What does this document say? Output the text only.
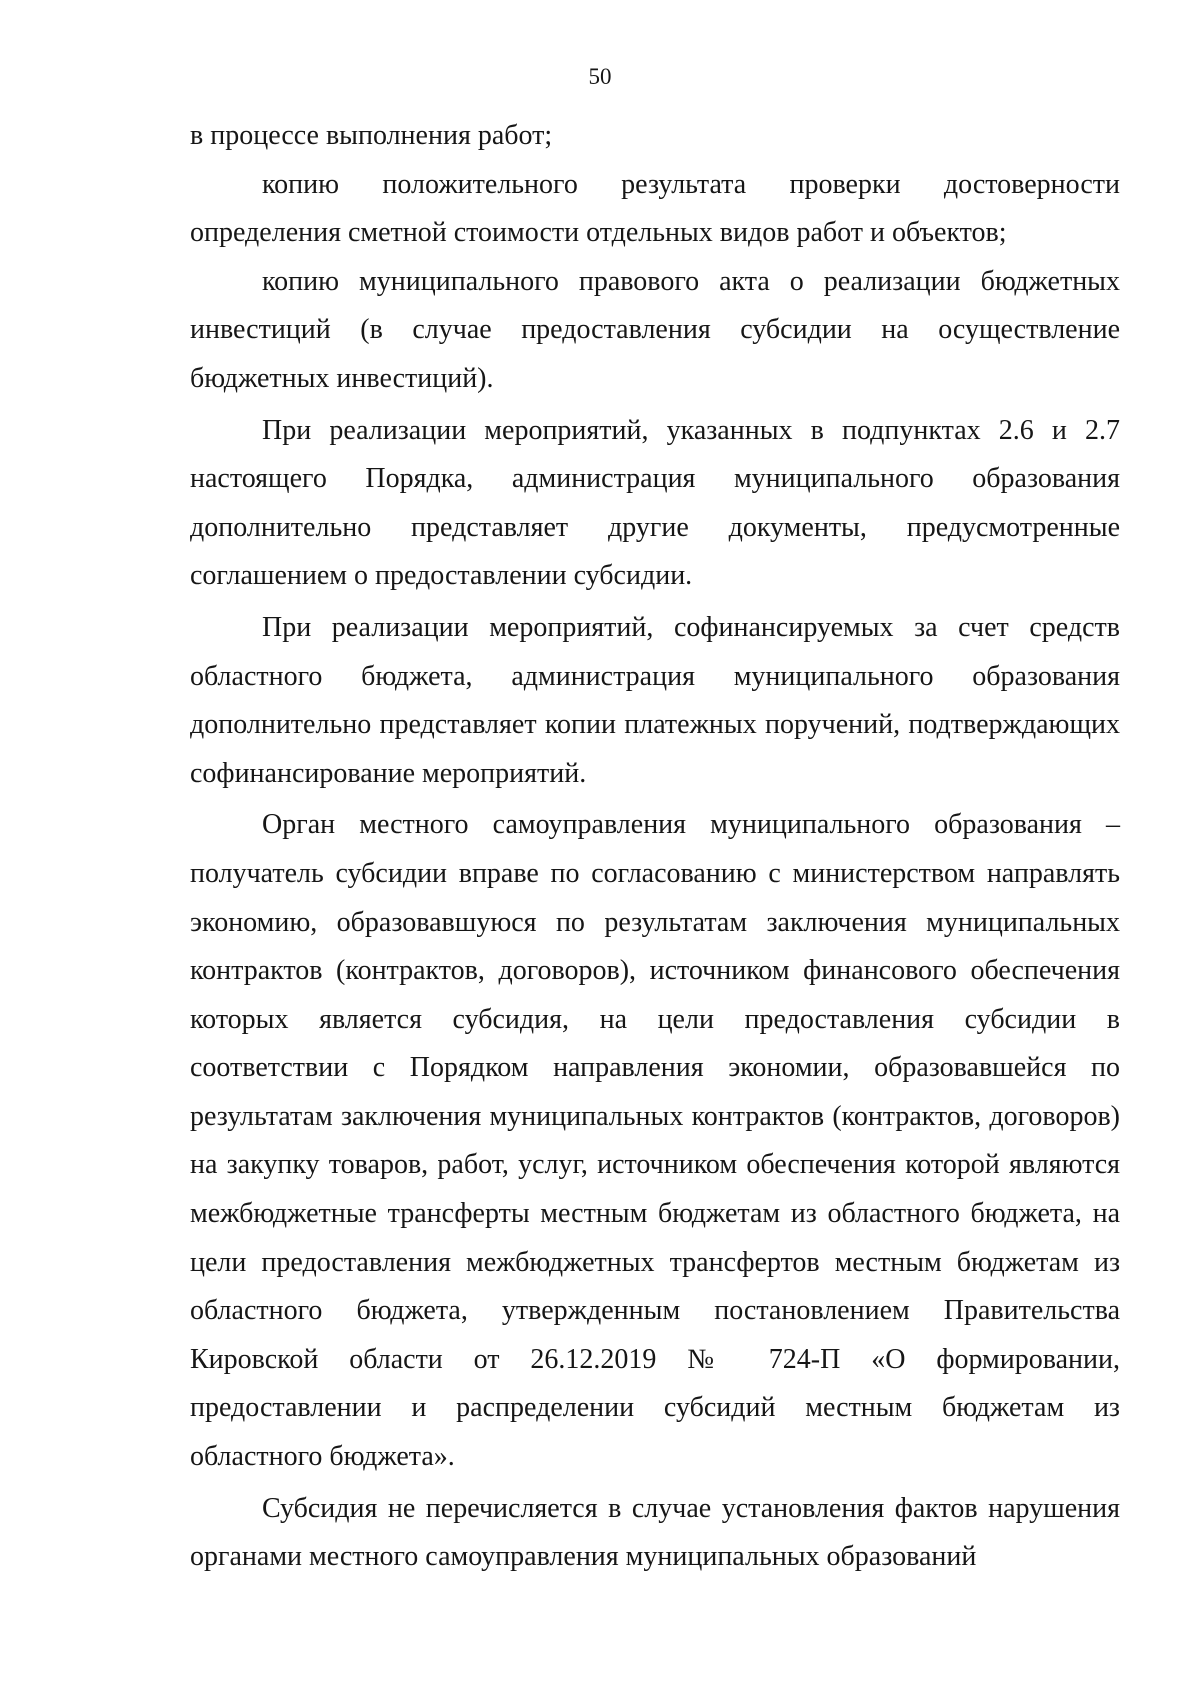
50

в процессе выполнения работ;

копию положительного результата проверки достоверности определения сметной стоимости отдельных видов работ и объектов;

копию муниципального правового акта о реализации бюджетных инвестиций (в случае предоставления субсидии на осуществление бюджетных инвестиций).

При реализации мероприятий, указанных в подпунктах 2.6 и 2.7 настоящего Порядка, администрация муниципального образования дополнительно представляет другие документы, предусмотренные соглашением о предоставлении субсидии.

При реализации мероприятий, софинансируемых за счет средств областного бюджета, администрация муниципального образования дополнительно представляет копии платежных поручений, подтверждающих софинансирование мероприятий.

Орган местного самоуправления муниципального образования – получатель субсидии вправе по согласованию с министерством направлять экономию, образовавшуюся по результатам заключения муниципальных контрактов (контрактов, договоров), источником финансового обеспечения которых является субсидия, на цели предоставления субсидии в соответствии с Порядком направления экономии, образовавшейся по результатам заключения муниципальных контрактов (контрактов, договоров) на закупку товаров, работ, услуг, источником обеспечения которой являются межбюджетные трансферты местным бюджетам из областного бюджета, на цели предоставления межбюджетных трансфертов местным бюджетам из областного бюджета, утвержденным постановлением Правительства Кировской области от 26.12.2019 № 724-П «О формировании, предоставлении и распределении субсидий местным бюджетам из областного бюджета».

Субсидия не перечисляется в случае установления фактов нарушения органами местного самоуправления муниципальных образований
